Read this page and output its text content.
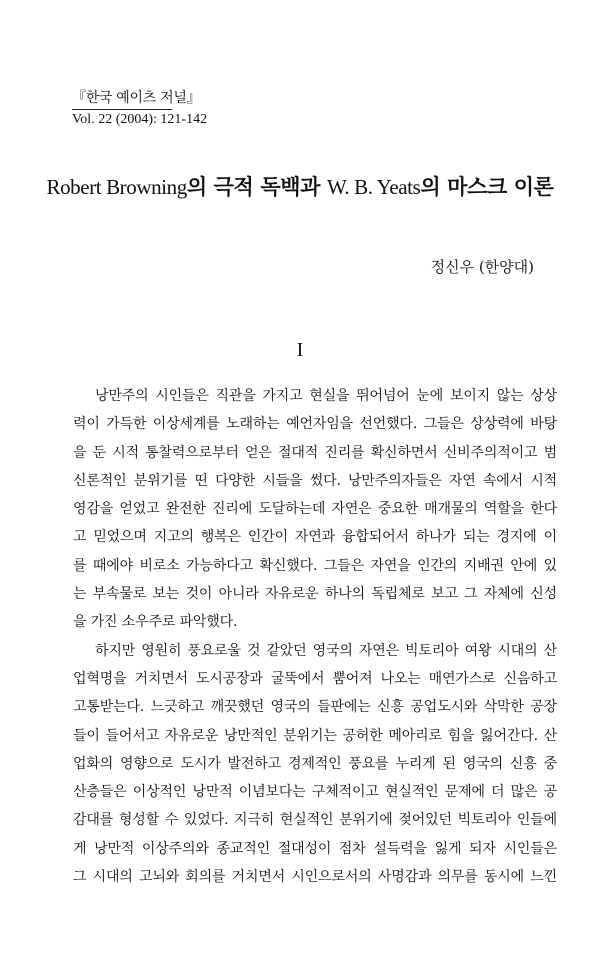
『한국 예이츠 저널』
Vol. 22 (2004): 121-142
Robert Browning의 극적 독백과 W. B. Yeats의 마스크 이론
정신우 (한양대)
I
낭만주의 시인들은 직관을 가지고 현실을 뛰어넘어 눈에 보이지 않는 상상
력이 가득한 이상세계를 노래하는 예언자임을 선언했다. 그들은 상상력에 바탕
을 둔 시적 통찰력으로부터 얻은 절대적 진리를 확신하면서 신비주의적이고 범
신론적인 분위기를 띤 다양한 시들을 썼다. 낭만주의자들은 자연 속에서 시적
영감을 얻었고 완전한 진리에 도달하는데 자연은 중요한 매개물의 역할을 한다
고 믿었으며 지고의 행복은 인간이 자연과 융합되어서 하나가 되는 경지에 이
를 때에야 비로소 가능하다고 확신했다. 그들은 자연을 인간의 지배권 안에 있
는 부속물로 보는 것이 아니라 자유로운 하나의 독립체로 보고 그 자체에 신성
을 가진 소우주로 파악했다.
하지만 영원히 풍요로울 것 같았던 영국의 자연은 빅토리아 여왕 시대의 산
업혁명을 거치면서 도시공장과 굴뚝에서 뿜어져 나오는 매연가스로 신음하고
고통받는다. 느긋하고 깨끗했던 영국의 들판에는 신흥 공업도시와 삭막한 공장
들이 들어서고 자유로운 낭만적인 분위기는 공허한 메아리로 힘을 잃어간다. 산
업화의 영향으로 도시가 발전하고 경제적인 풍요를 누리게 된 영국의 신흥 중
산층들은 이상적인 낭만적 이념보다는 구체적이고 현실적인 문제에 더 많은 공
감대를 형성할 수 있었다. 지극히 현실적인 분위기에 젖어있던 빅토리아 인들에
게 낭만적 이상주의와 종교적인 절대성이 점차 설득력을 잃게 되자 시인들은
그 시대의 고뇌와 회의를 거치면서 시인으로서의 사명감과 의무를 동시에 느낀
